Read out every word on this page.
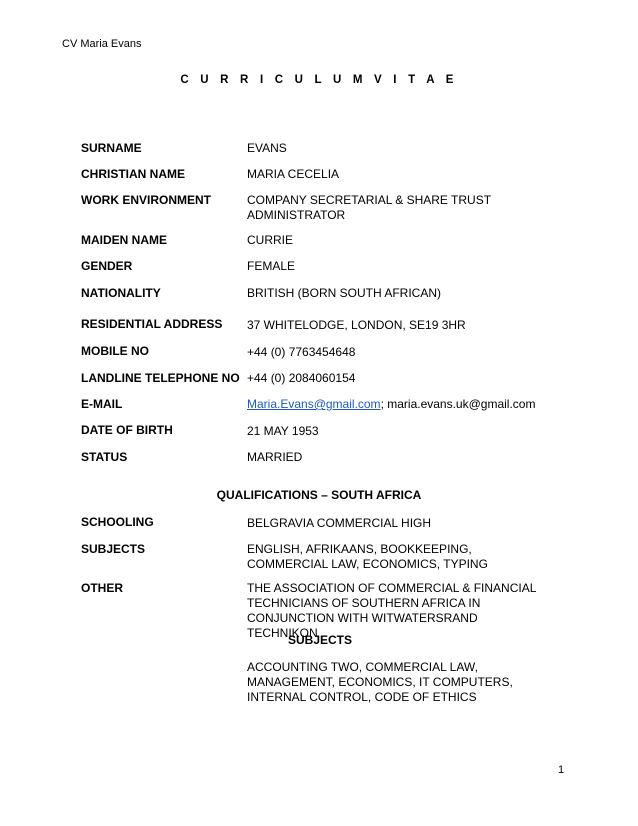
CV Maria Evans
C U R R I C U L U M V I T A E
SURNAME	EVANS
CHRISTIAN NAME	MARIA CECELIA
WORK ENVIRONMENT	COMPANY SECRETARIAL & SHARE TRUST ADMINISTRATOR
MAIDEN NAME	CURRIE
GENDER	FEMALE
NATIONALITY	BRITISH (BORN SOUTH AFRICAN)
RESIDENTIAL ADDRESS 37 WHITELODGE, LONDON, SE19 3HR
MOBILE NO	+44 (0) 7763454648
LANDLINE TELEPHONE NO +44 (0) 2084060154
E-MAIL	Maria.Evans@gmail.com; maria.evans.uk@gmail.com
DATE OF BIRTH	21 MAY 1953
STATUS	MARRIED
QUALIFICATIONS – SOUTH AFRICA
SCHOOLING	BELGRAVIA COMMERCIAL HIGH
SUBJECTS	ENGLISH, AFRIKAANS, BOOKKEEPING, COMMERCIAL LAW, ECONOMICS, TYPING
OTHER	THE ASSOCIATION OF COMMERCIAL & FINANCIAL TECHNICIANS OF SOUTHERN AFRICA IN CONJUNCTION WITH WITWATERSRAND TECHNIKON
SUBJECTS
ACCOUNTING TWO, COMMERCIAL LAW, MANAGEMENT, ECONOMICS, IT COMPUTERS, INTERNAL CONTROL, CODE OF ETHICS
1
